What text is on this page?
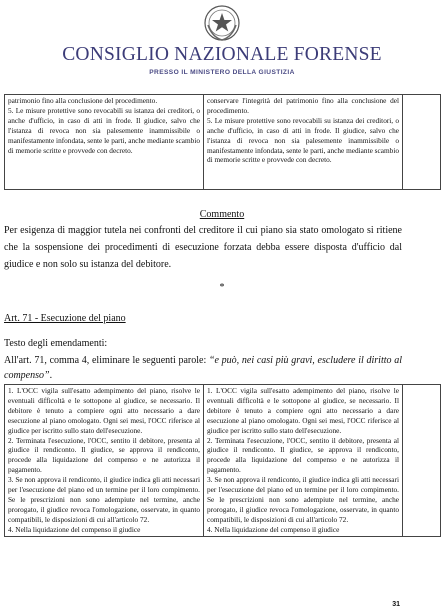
CONSIGLIO NAZIONALE FORENSE
PRESSO IL MINISTERO DELLA GIUSTIZIA
patrimonio fino alla conclusione del procedimento.
5. Le misure protettive sono revocabili su istanza dei creditori, o anche d'ufficio, in caso di atti in frode. Il giudice, salvo che l'istanza di revoca non sia palesemente inammissibile o manifestamente infondata, sente le parti, anche mediante scambio di memorie scritte e provvede con decreto.

conservare l'integrità del patrimonio fino alla conclusione del procedimento.
5. Le misure protettive sono revocabili su istanza dei creditori, o anche d'ufficio, in caso di atti in frode. Il giudice, salvo che l'istanza di revoca non sia palesemente inammissibile o manifestamente infondata, sente le parti, anche mediante scambio di memorie scritte e provvede con decreto.

Commento
Per esigenza di maggior tutela nei confronti del creditore il cui piano sia stato omologato si ritiene che la sospensione dei procedimenti di esecuzione forzata debba essere disposta d'ufficio dal giudice e non solo su istanza del debitore.
*
Art. 71 - Esecuzione del piano
Testo degli emendamenti:
All'art. 71, comma 4, eliminare le seguenti parole: “e può, nei casi più gravi, escludere il diritto al compenso”.
1. L'OCC vigila sull'esatto adempimento del piano, risolve le eventuali difficoltà e le sottopone al giudice, se necessario. Il debitore è tenuto a compiere ogni atto necessario a dare esecuzione al piano omologato. Ogni sei mesi, l'OCC riferisce al giudice per iscritto sullo stato dell'esecuzione.
2. Terminata l'esecuzione, l'OCC, sentito il debitore, presenta al giudice il rendiconto. Il giudice, se approva il rendiconto, procede alla liquidazione del compenso e ne autorizza il pagamento.
3. Se non approva il rendiconto, il giudice indica gli atti necessari per l'esecuzione del piano ed un termine per il loro compimento. Se le prescrizioni non sono adempiute nel termine, anche prorogato, il giudice revoca l'omologazione, osservate, in quanto compatibili, le disposizioni di cui all'articolo 72.
4. Nella liquidazione del compenso il giudice

1. L'OCC vigila sull'esatto adempimento del piano, risolve le eventuali difficoltà e le sottopone al giudice, se necessario. Il debitore è tenuto a compiere ogni atto necessario a dare esecuzione al piano omologato. Ogni sei mesi, l'OCC riferisce al giudice per iscritto sullo stato dell'esecuzione.
2. Terminata l'esecuzione, l'OCC, sentito il debitore, presenta al giudice il rendiconto. Il giudice, se approva il rendiconto, procede alla liquidazione del compenso e ne autorizza il pagamento.
3. Se non approva il rendiconto, il giudice indica gli atti necessari per l'esecuzione del piano ed un termine per il loro compimento. Se le prescrizioni non sono adempiute nel termine, anche prorogato, il giudice revoca l'omologazione, osservate, in quanto compatibili, le disposizioni di cui all'articolo 72.
4. Nella liquidazione del compenso il giudice

31
